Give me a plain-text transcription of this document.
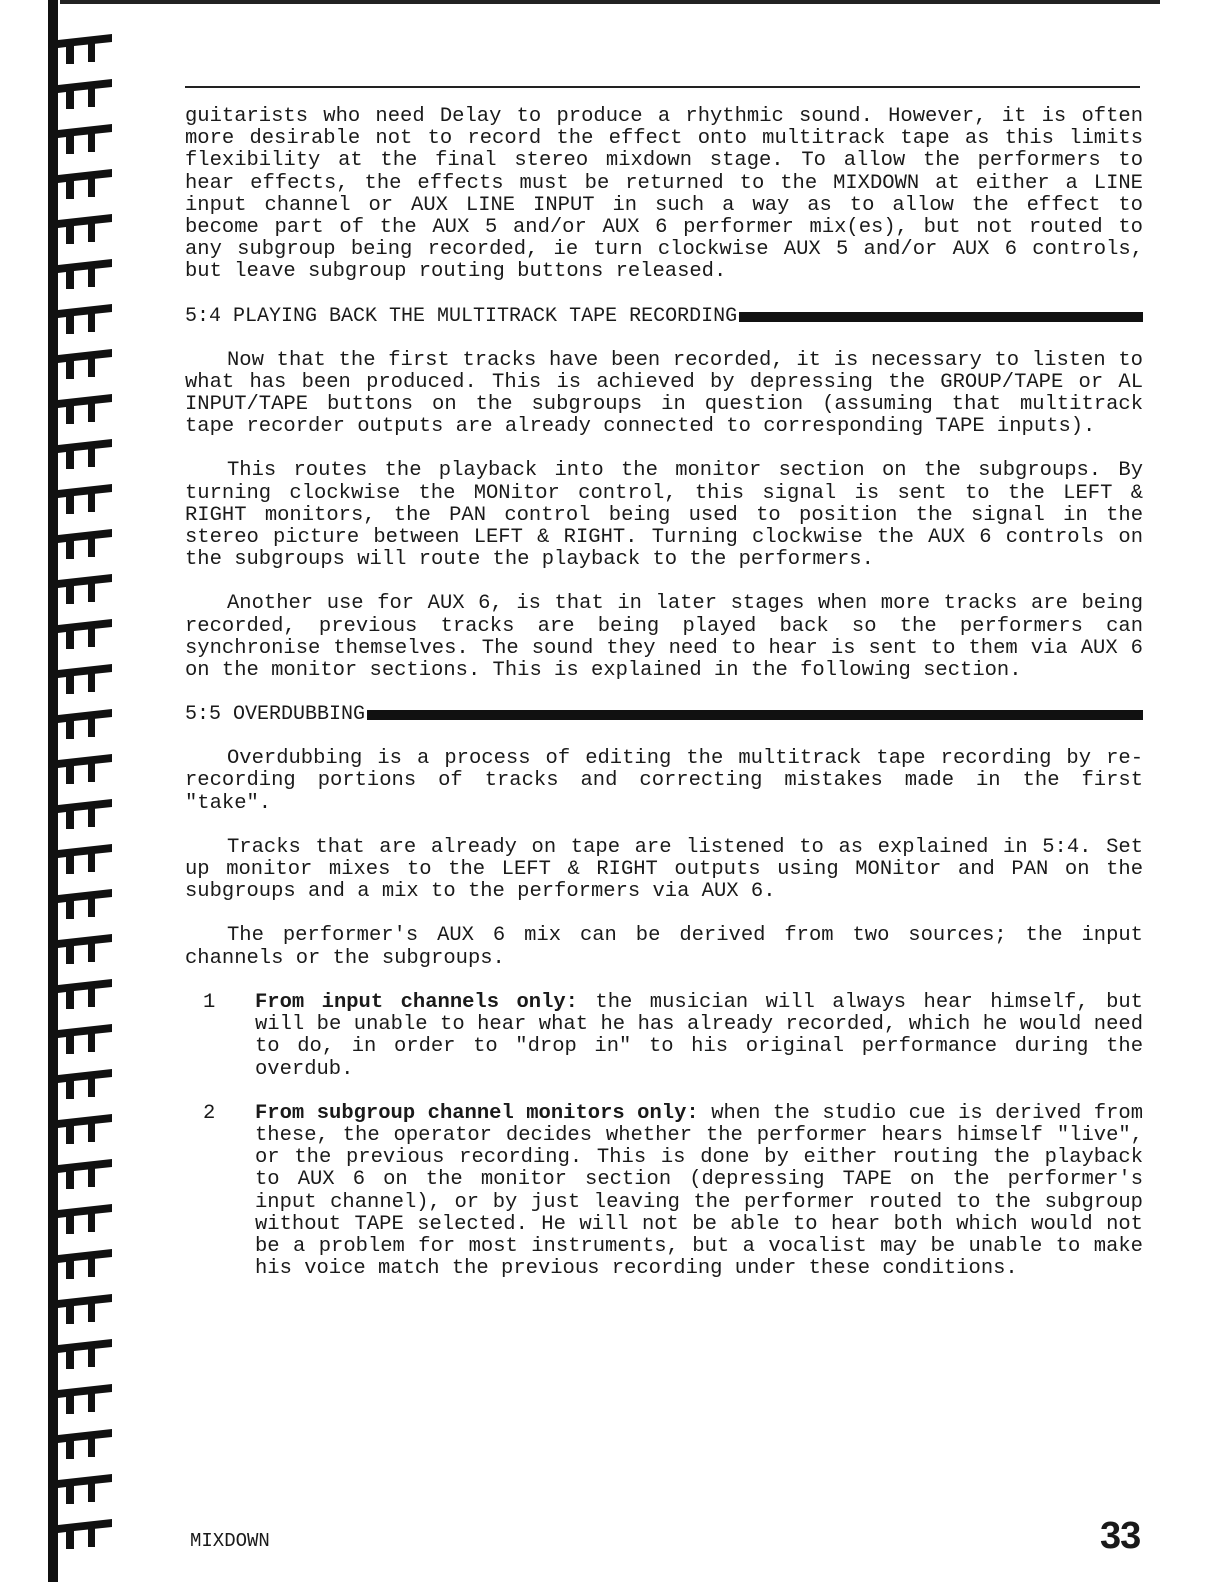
guitarists who need Delay to produce a rhythmic sound. However, it is often more desirable not to record the effect onto multitrack tape as this limits flexibility at the final stereo mixdown stage. To allow the performers to hear effects, the effects must be returned to the MIXDOWN at either a LINE input channel or AUX LINE INPUT in such a way as to allow the effect to become part of the AUX 5 and/or AUX 6 performer mix(es), but not routed to any subgroup being recorded, ie turn clockwise AUX 5 and/or AUX 6 controls, but leave subgroup routing buttons released.

5:4 PLAYING BACK THE MULTITRACK TAPE RECORDING

Now that the first tracks have been recorded, it is necessary to listen to what has been produced. This is achieved by depressing the GROUP/TAPE or AL INPUT/TAPE buttons on the subgroups in question (assuming that multitrack tape recorder outputs are already connected to corresponding TAPE inputs).

This routes the playback into the monitor section on the subgroups. By turning clockwise the MONitor control, this signal is sent to the LEFT & RIGHT monitors, the PAN control being used to position the signal in the stereo picture between LEFT & RIGHT. Turning clockwise the AUX 6 controls on the subgroups will route the playback to the performers.

Another use for AUX 6, is that in later stages when more tracks are being recorded, previous tracks are being played back so the performers can synchronise themselves. The sound they need to hear is sent to them via AUX 6 on the monitor sections. This is explained in the following section.

5:5 OVERDUBBING

Overdubbing is a process of editing the multitrack tape recording by re-recording portions of tracks and correcting mistakes made in the first "take".

Tracks that are already on tape are listened to as explained in 5:4. Set up monitor mixes to the LEFT & RIGHT outputs using MONitor and PAN on the subgroups and a mix to the performers via AUX 6.

The performer's AUX 6 mix can be derived from two sources; the input channels or the subgroups.

1	From input channels only: the musician will always hear himself, but will be unable to hear what he has already recorded, which he would need to do, in order to "drop in" to his original performance during the overdub.
2	From subgroup channel monitors only: when the studio cue is derived from these, the operator decides whether the performer hears himself "live", or the previous recording. This is done by either routing the playback to AUX 6 on the monitor section (depressing TAPE on the performer's input channel), or by just leaving the performer routed to the subgroup without TAPE selected. He will not be able to hear both which would not be a problem for most instruments, but a vocalist may be unable to make his voice match the previous recording under these conditions.
MIXDOWN	33
